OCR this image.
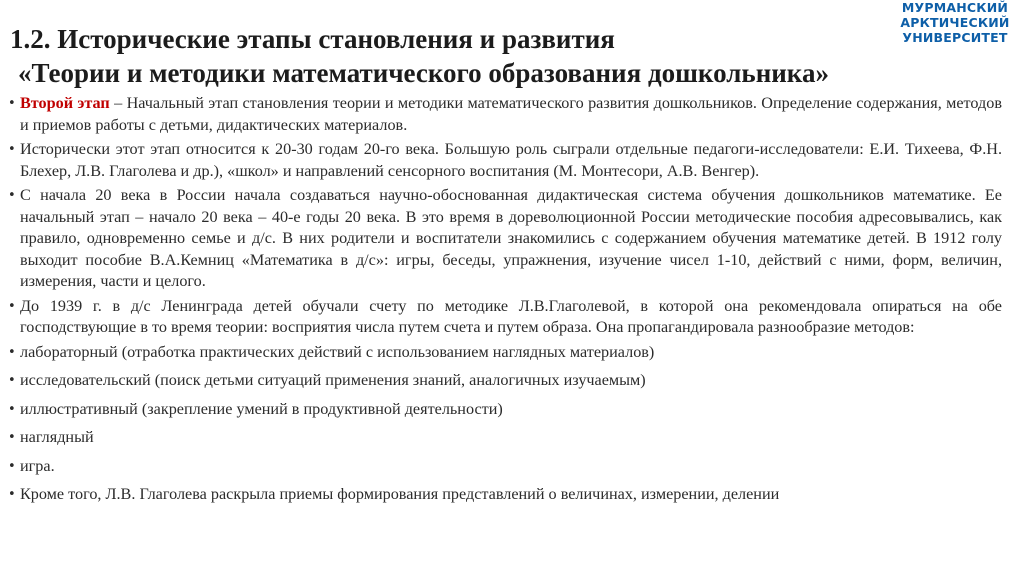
МУРМАНСКИЙ
АРКТИЧЕСКИЙ
УНИВЕРСИТЕТ
1.2. Исторические этапы становления и развития
«Теории и методики математического образования дошкольника»
• Второй этап – Начальный этап становления теории и методики математического развития дошкольников. Определение содержания, методов и приемов работы с детьми, дидактических материалов.
• Исторически этот этап относится к 20-30 годам 20-го века. Большую роль сыграли отдельные педагоги-исследователи: Е.И. Тихеева, Ф.Н. Блехер, Л.В. Глаголева и др.), «школ» и направлений сенсорного воспитания (М. Монтесори, А.В. Венгер).
• С начала 20 века в России начала создаваться научно-обоснованная дидактическая система обучения дошкольников математике. Ее начальный этап – начало 20 века – 40-е годы 20 века. В это время в дореволюционной России методические пособия адресовывались, как правило, одновременно семье и д/с. В них родители и воспитатели знакомились с содержанием обучения математике детей. В 1912 голу выходит пособие В.А.Кемниц «Математика в д/с»: игры, беседы, упражнения, изучение чисел 1-10, действий с ними, форм, величин, измерения, части и целого.
• До 1939 г. в д/с Ленинграда детей обучали счету по методике Л.В.Глаголевой, в которой она рекомендовала опираться на обе господствующие в то время теории: восприятия числа путем счета и путем образа. Она пропагандировала разнообразие методов:
• лабораторный (отработка практических действий с использованием наглядных материалов)
• исследовательский (поиск детьми ситуаций применения знаний, аналогичных изучаемым)
• иллюстративный (закрепление умений в продуктивной деятельности)
• наглядный
• игра.
• Кроме того, Л.В. Глаголева раскрыла приемы формирования представлений о величинах, измерении, делении
